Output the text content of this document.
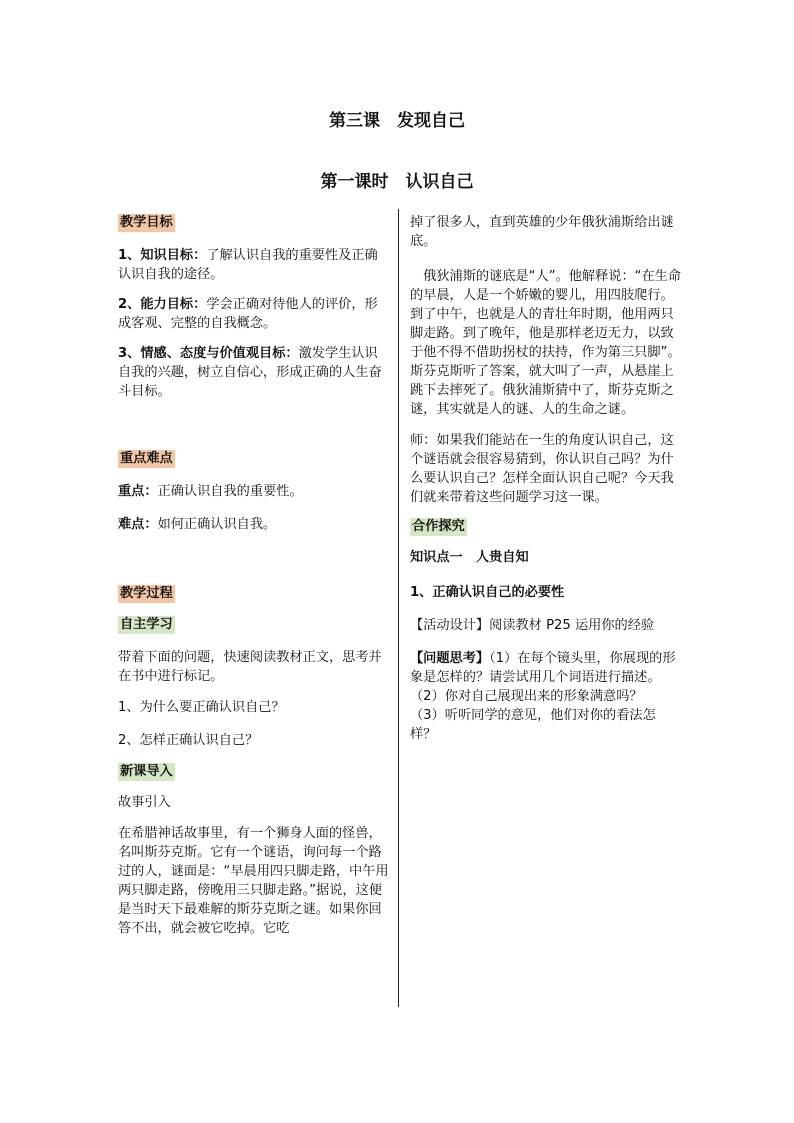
第三课　发现自己
第一课时　认识自己

教学目标

1、知识目标：了解认识自我的重要性及正确认识自我的途径。

2、能力目标：学会正确对待他人的评价，形成客观、完整的自我概念。

3、情感、态度与价值观目标：激发学生认识自我的兴趣，树立自信心，形成正确的人生奋斗目标。

重点难点

重点：正确认识自我的重要性。

难点：如何正确认识自我。

教学过程

自主学习

带着下面的问题，快速阅读教材正文，思考并在书中进行标记。

1、为什么要正确认识自己？

2、怎样正确认识自己？

新课导入

故事引入

在希腊神话故事里，有一个狮身人面的怪兽，名叫斯芬克斯。它有一个谜语，询问每一个路过的人，谜面是：“早晨用四只脚走路，中午用两只脚走路，傍晚用三只脚走路。”据说，这便是当时天下最难解的斯芬克斯之谜。如果你回答不出，就会被它吃掉。它吃

掉了很多人，直到英雄的少年俄狄浦斯给出谜底。

　俄狄浦斯的谜底是“人”。他解释说：“在生命的早晨，人是一个娇嫩的婴儿，用四肢爬行。到了中午，也就是人的青壮年时期，他用两只脚走路。到了晚年，他是那样老迈无力，以致于他不得不借助拐杖的扶持，作为第三只脚”。斯芬克斯听了答案，就大叫了一声，从悬崖上跳下去摔死了。俄狄浦斯猜中了，斯芬克斯之谜，其实就是人的谜、人的生命之谜。

师：如果我们能站在一生的角度认识自己，这个谜语就会很容易猜到，你认识自己吗？为什么要认识自己？怎样全面认识自己呢？今天我们就来带着这些问题学习这一课。

合作探究

知识点一　人贵自知

1、正确认识自己的必要性

【活动设计】阅读教材 P25 运用你的经验

【问题思考】（1）在每个镜头里，你展现的形象是怎样的？请尝试用几个词语进行描述。

（2）你对自己展现出来的形象满意吗？

（3）听听同学的意见，他们对你的看法怎样？
